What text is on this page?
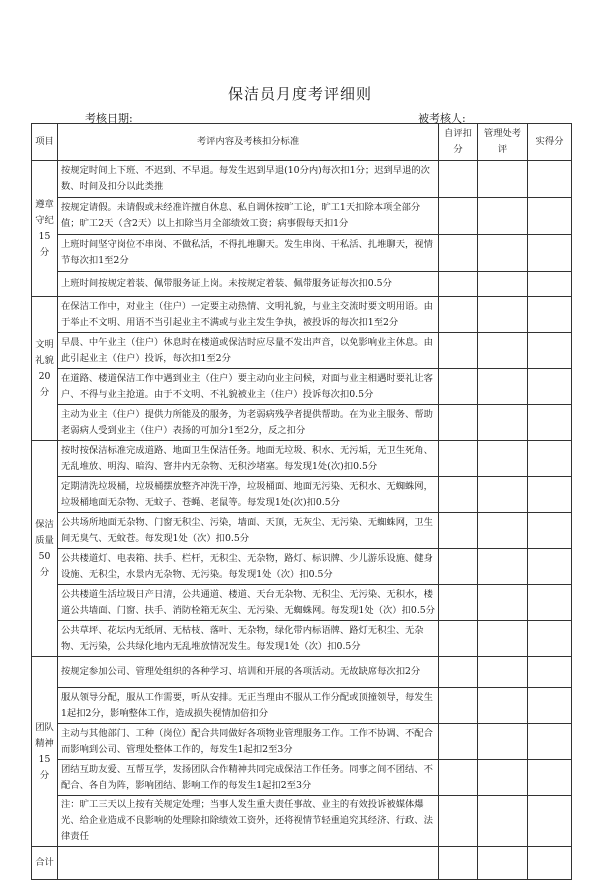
保洁员月度考评细则
考核日期:	被考核人:
项目	考评内容及考核扣分标准	自评扣分	管理处考评	实得分

遵章守纪
15分	按规定时间上下班、不迟到、不早退。每发生迟到早退(10分内)每次扣1分；迟到早退的次数、时间及扣分以此类推			
	按规定请假。未请假或未经准许擅自休息、私自调休按旷工论，旷工1天扣除本项全部分值；旷工2天（含2天）以上扣除当月全部绩效工资；病事假每天扣1分			
	上班时间坚守岗位不串岗、不做私活，不得扎堆聊天。发生串岗、干私活、扎堆聊天，视情节每次扣1至2分			
	上班时间按规定着装、佩带服务证上岗。未按规定着装、佩带服务证每次扣0.5分			

文明礼貌
20分	在保洁工作中，对业主（住户）一定要主动热情、文明礼貌，与业主交流时要文明用语。由于举止不文明、用语不当引起业主不满或与业主发生争执，被投诉的每次扣1至2分			
	早晨、中午业主（住户）休息时在楼道或保洁时应尽量不发出声音，以免影响业主休息。由此引起业主（住户）投诉，每次扣1至2分			
	在道路、楼道保洁工作中遇到业主（住户）要主动向业主问候，对面与业主相遇时要礼让客户、不得与业主抢道。由于不文明、不礼貌被业主（住户）投诉每次扣0.5分			
	主动为业主（住户）提供力所能及的服务，为老弱病残孕者提供帮助。在为业主服务、帮助老弱病人受到业主（住户）表扬的可加分1至2分，反之扣分			

保洁质量
50分	按时按保洁标准完成道路、地面卫生保洁任务。地面无垃圾、积水、无污垢，无卫生死角、无乱堆放、明沟、暗沟、窨井内无杂物、无积沙堵塞。每发现1处(次)扣0.5分			
	定期清洗垃圾桶，垃圾桶摆放整齐冲洗干净，垃圾桶面、地面无污染、无积水、无蜘蛛网，垃圾桶地面无杂物、无蚊子、苍蝇、老鼠等。每发现1处(次)扣0.5分			
	公共场所地面无杂物、门窗无积尘、污染，墙面、天顶，无灰尘、无污染、无蜘蛛网，卫生间无臭气、无蚊苍。每发现1处（次）扣0.5分			
	公共楼道灯、电表箱、扶手、栏杆，无积尘、无杂物，路灯、标识牌、少儿游乐设施、健身设施、无积尘，水景内无杂物、无污染。每发现1处（次）扣0.5分			
	公共楼道生活垃圾日产日清，公共通道、楼道、天台无杂物、无积尘、无污染、无积水，楼道公共墙面、门窗、扶手、消防栓箱无灰尘、无污染、无蜘蛛网。每发现1处（次）扣0.5分			
	公共草坪、花坛内无纸屑、无枯枝、落叶、无杂物，绿化带内标语牌、路灯无积尘、无杂物、无污染，公共绿化地内无乱堆放情况发生。每发现1处（次）扣0.5分			

团队精神
15分	按规定参加公司、管理处组织的各种学习、培训和开展的各项活动。无故缺席每次扣2分			
	服从领导分配，服从工作需要，听从安排。无正当理由不服从工作分配或顶撞领导，每发生1起扣2分，影响整体工作，造成损失视情加倍扣分			
	主动与其他部门、工种（岗位）配合共同做好各项物业管理服务工作。工作不协调、不配合而影响到公司、管理处整体工作的，每发生1起扣2至3分			
	团结互助友爱、互帮互学，发扬团队合作精神共同完成保洁工作任务。同事之间不团结、不配合、各自为阵，影响团结、影响工作的每发生1起扣2至3分			
	注：旷工三天以上按有关规定处理；当事人发生重大责任事故、业主的有效投诉被媒体爆光、给企业造成不良影响的处理除扣除绩效工资外，还将视情节轻重追究其经济、行政、法律责任			
合计				
